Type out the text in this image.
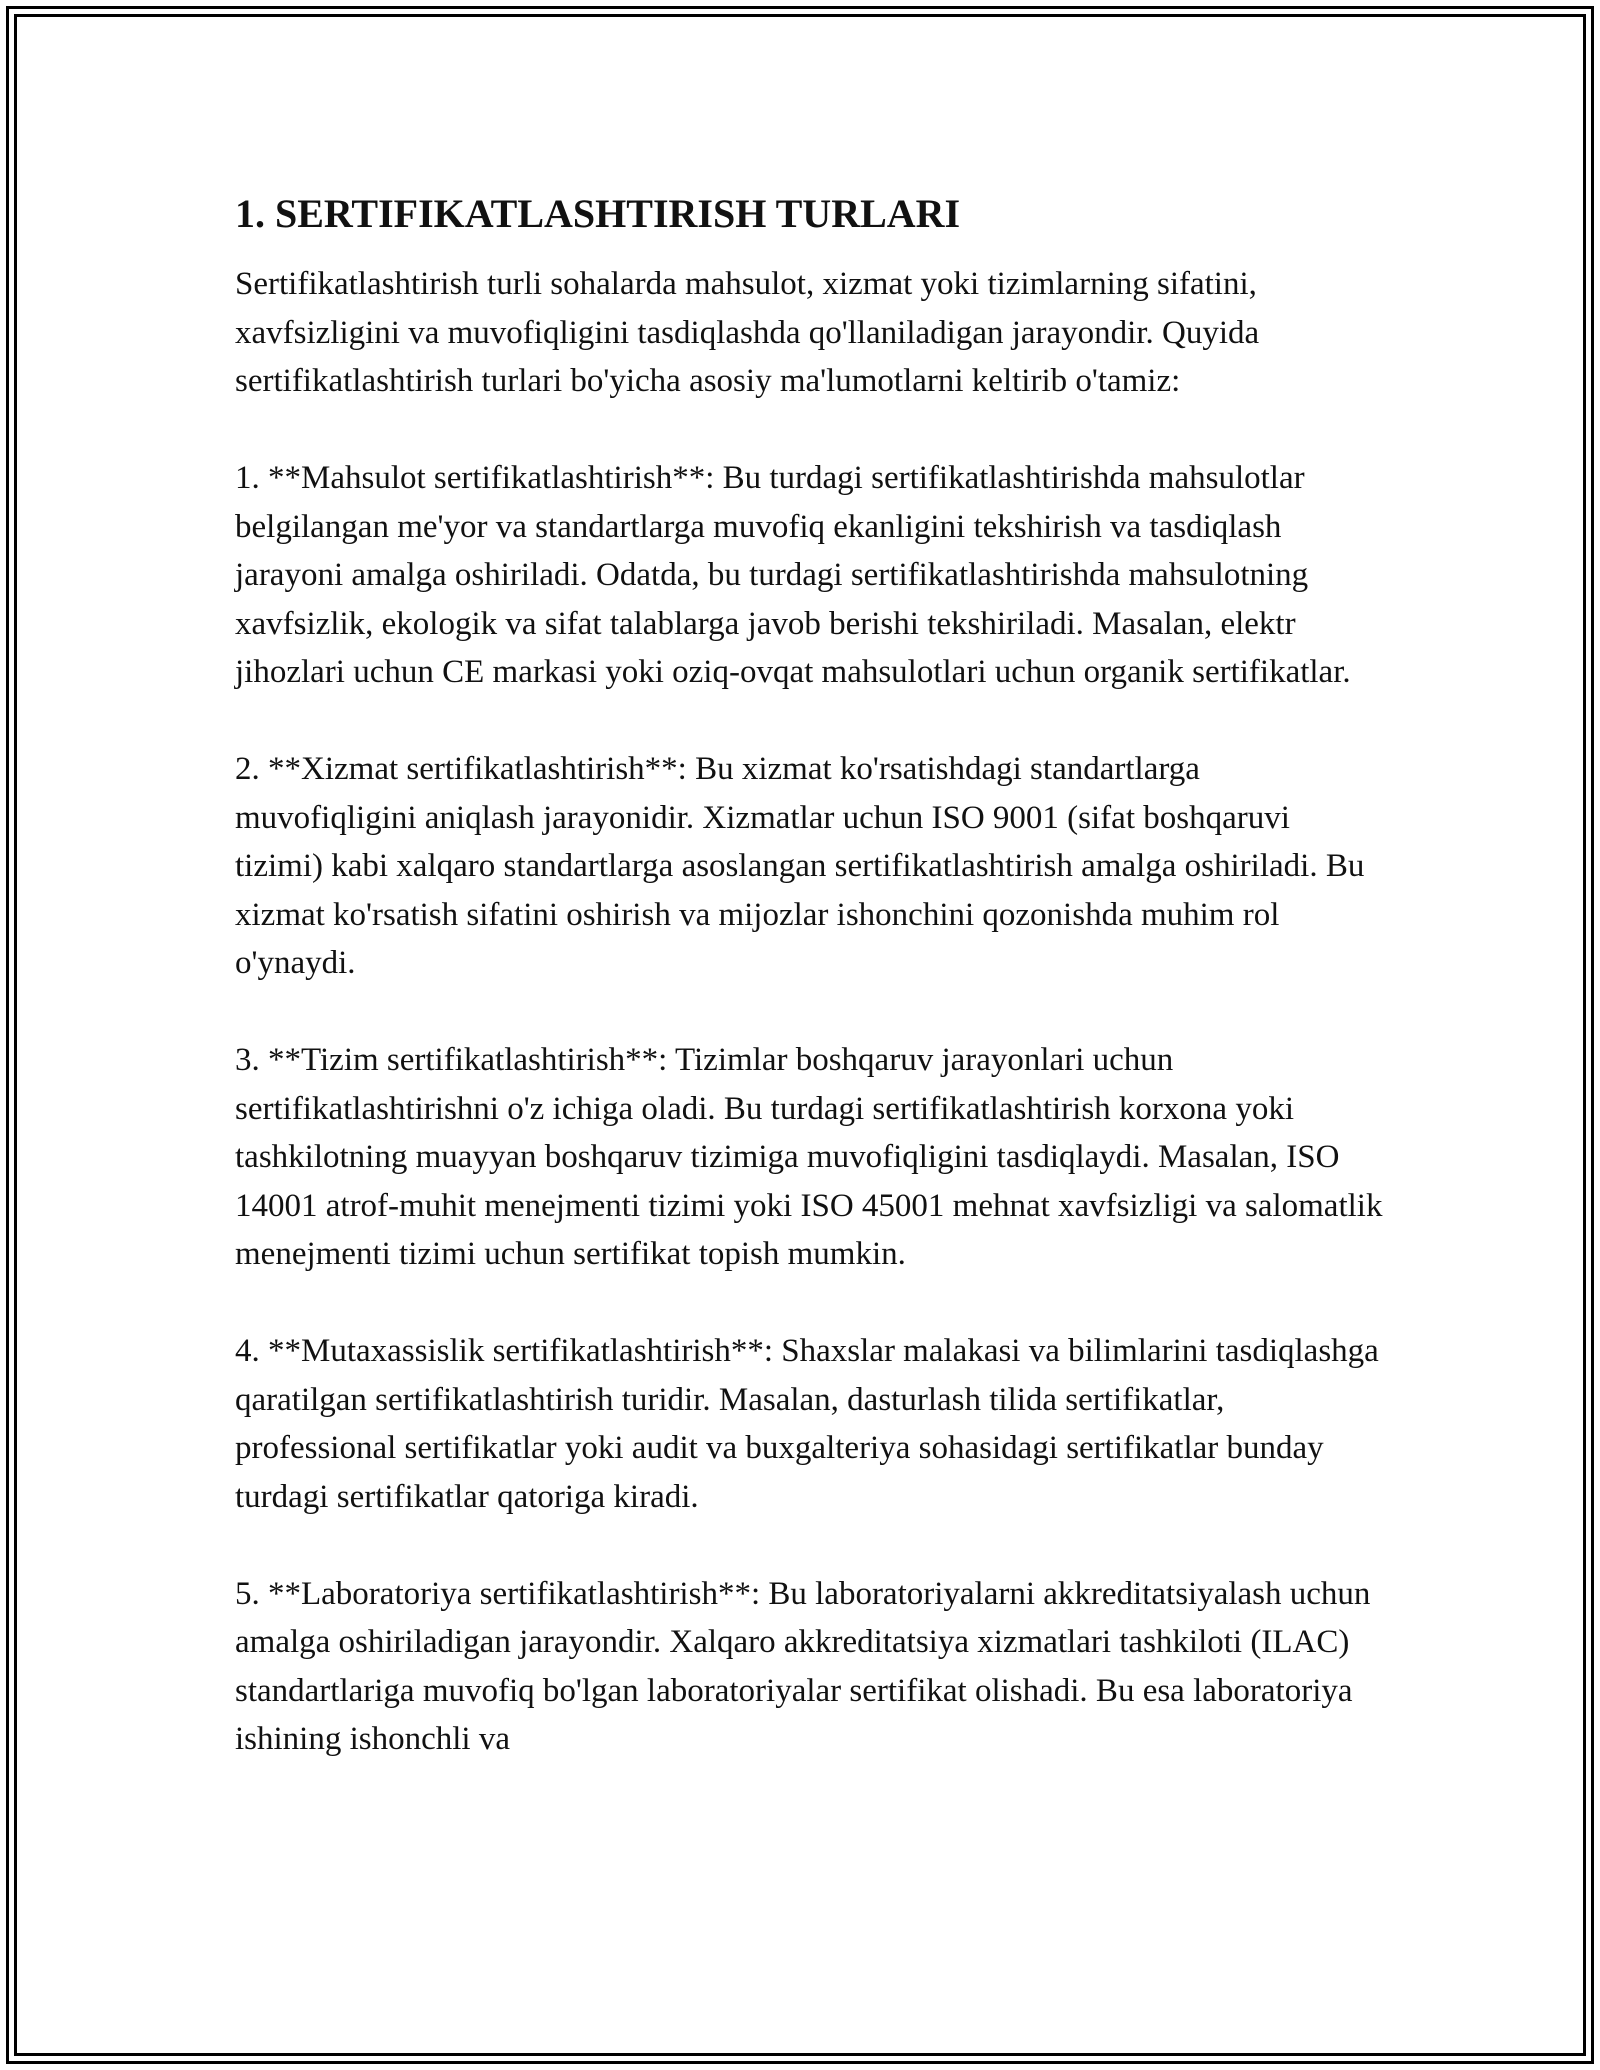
1. SERTIFIKATLASHTIRISH TURLARI

Sertifikatlashtirish turli sohalarda mahsulot, xizmat yoki tizimlarning sifatini, xavfsizligini va muvofiqligini tasdiqlashda qo'llaniladigan jarayondir. Quyida sertifikatlashtirish turlari bo'yicha asosiy ma'lumotlarni keltirib o'tamiz:

1. **Mahsulot sertifikatlashtirish**: Bu turdagi sertifikatlashtirishda mahsulotlar belgilangan me'yor va standartlarga muvofiq ekanligini tekshirish va tasdiqlash jarayoni amalga oshiriladi. Odatda, bu turdagi sertifikatlashtirishda mahsulotning xavfsizlik, ekologik va sifat talablarga javob berishi tekshiriladi. Masalan, elektr jihozlari uchun CE markasi yoki oziq-ovqat mahsulotlari uchun organik sertifikatlar.

2. **Xizmat sertifikatlashtirish**: Bu xizmat ko'rsatishdagi standartlarga muvofiqligini aniqlash jarayonidir. Xizmatlar uchun ISO 9001 (sifat boshqaruvi tizimi) kabi xalqaro standartlarga asoslangan sertifikatlashtirish amalga oshiriladi. Bu xizmat ko'rsatish sifatini oshirish va mijozlar ishonchini qozonishda muhim rol o'ynaydi.

3. **Tizim sertifikatlashtirish**: Tizimlar boshqaruv jarayonlari uchun sertifikatlashtirishni o'z ichiga oladi. Bu turdagi sertifikatlashtirish korxona yoki tashkilotning muayyan boshqaruv tizimiga muvofiqligini tasdiqlaydi. Masalan, ISO 14001 atrof-muhit menejmenti tizimi yoki ISO 45001 mehnat xavfsizligi va salomatlik menejmenti tizimi uchun sertifikat topish mumkin.

4. **Mutaxassislik sertifikatlashtirish**: Shaxslar malakasi va bilimlarini tasdiqlashga qaratilgan sertifikatlashtirish turidir. Masalan, dasturlash tilida sertifikatlar, professional sertifikatlar yoki audit va buxgalteriya sohasidagi sertifikatlar bunday turdagi sertifikatlar qatoriga kiradi.

5. **Laboratoriya sertifikatlashtirish**: Bu laboratoriyalarni akkreditatsiyalash uchun amalga oshiriladigan jarayondir. Xalqaro akkreditatsiya xizmatlari tashkiloti (ILAC) standartlariga muvofiq bo'lgan laboratoriyalar sertifikat olishadi. Bu esa laboratoriya ishining ishonchli va
